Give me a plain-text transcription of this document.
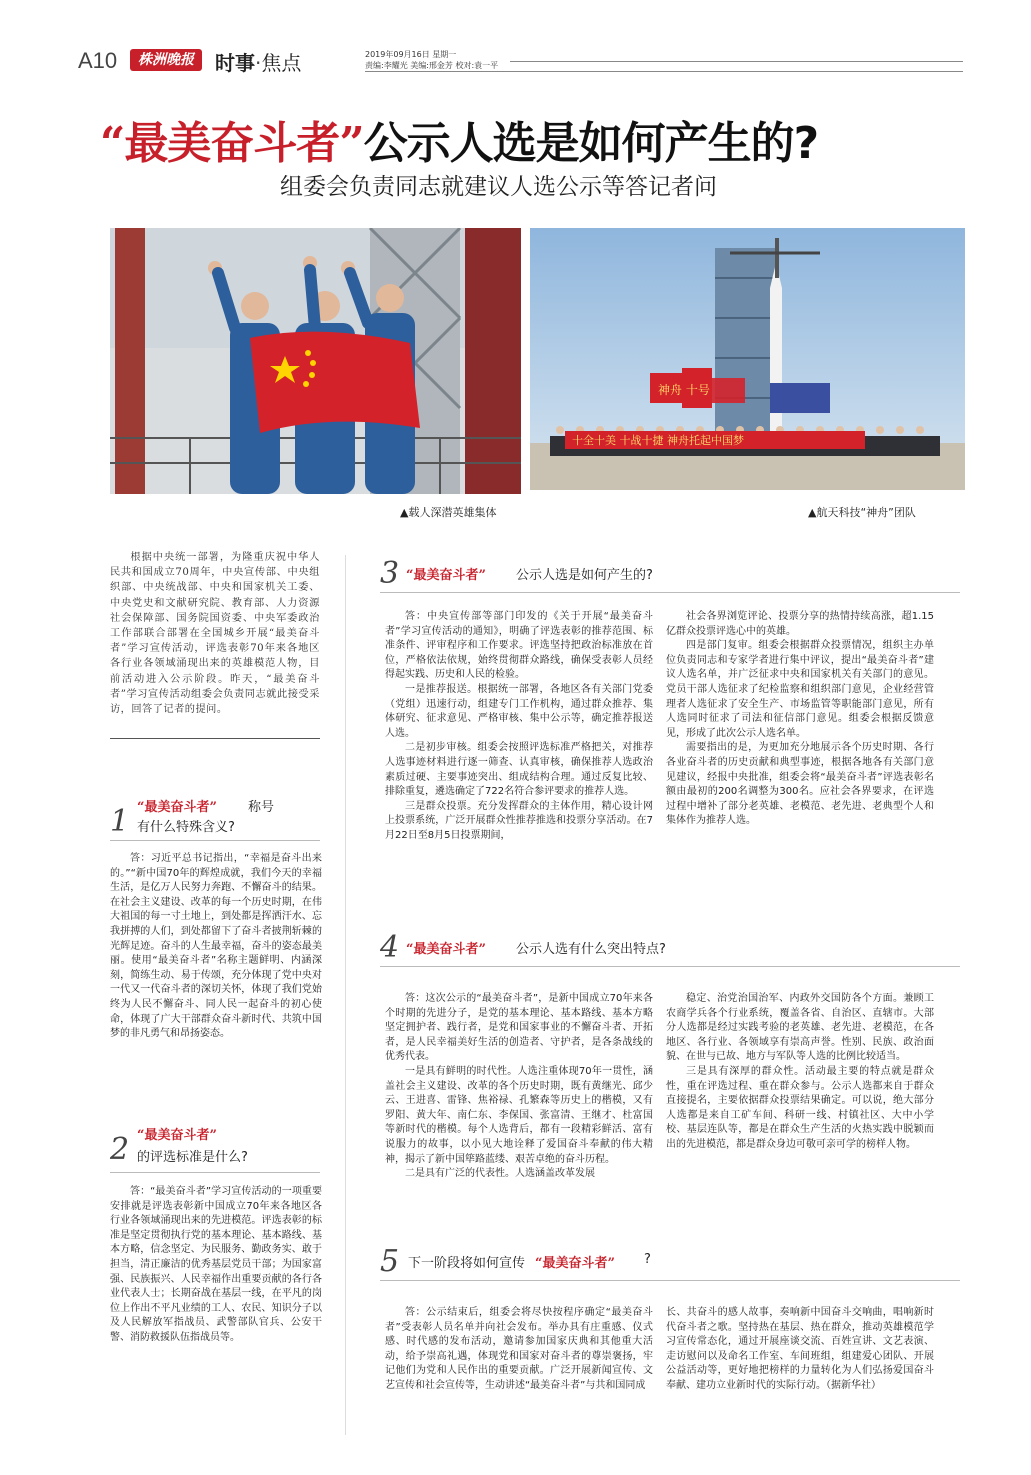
A10	株洲晚报	时事·焦点	2019年09月16日 星期一
责编:李耀光 美编:邢金芳 校对:袁一平
“最美奋斗者”公示人选是如何产生的?
组委会负责同志就建议人选公示等答记者问
神舟 十号
十全十美 十战十捷 神舟托起中国梦
▲载人深潜英雄集体	▲航天科技“神舟”团队
根据中央统一部署，为隆重庆祝中华人民共和国成立70周年，中央宣传部、中央组织部、中央统战部、中央和国家机关工委、中央党史和文献研究院、教育部、人力资源社会保障部、国务院国资委、中央军委政治工作部联合部署在全国城乡开展“最美奋斗者”学习宣传活动，评选表彰70年来各地区各行业各领域涌现出来的英雄模范人物，目前活动进入公示阶段。昨天，“最美奋斗者”学习宣传活动组委会负责同志就此接受采访，回答了记者的提问。
1 “最美奋斗者” 称号
有什么特殊含义?

答：习近平总书记指出，“幸福是奋斗出来的。”“新中国70年的辉煌成就，我们今天的幸福生活，是亿万人民努力奔跑、不懈奋斗的结果。在社会主义建设、改革的每一个历史时期，在伟大祖国的每一寸土地上，到处都是挥洒汗水、忘我拼搏的人们，到处都留下了奋斗者披荆斩棘的光辉足迹。奋斗的人生最幸福，奋斗的姿态最美丽。使用“最美奋斗者”名称主题鲜明、内涵深刻，简练生动、易于传颂，充分体现了党中央对一代又一代奋斗者的深切关怀，体现了我们党始终为人民不懈奋斗、同人民一起奋斗的初心使命，体现了广大干部群众奋斗新时代、共筑中国梦的非凡勇气和昂扬姿态。

2 “最美奋斗者”
的评选标准是什么?

答：“最美奋斗者”学习宣传活动的一项重要安排就是评选表彰新中国成立70年来各地区各行业各领域涌现出来的先进模范。评选表彰的标准是坚定贯彻执行党的基本理论、基本路线、基本方略，信念坚定、为民服务、勤政务实、敢于担当，清正廉洁的优秀基层党员干部；为国家富强、民族振兴、人民幸福作出重要贡献的各行各业代表人士；长期奋战在基层一线，在平凡的岗位上作出不平凡业绩的工人、农民、知识分子以及人民解放军指战员、武警部队官兵、公安干警、消防救援队伍指战员等。

3 “最美奋斗者” 公示人选是如何产生的?

答：中央宣传部等部门印发的《关于开展“最美奋斗者”学习宣传活动的通知》，明确了评选表彰的推荐范围、标准条件、评审程序和工作要求。评选坚持把政治标准放在首位，严格依法依规，始终贯彻群众路线，确保受表彰人员经得起实践、历史和人民的检验。

一是推荐报送。根据统一部署，各地区各有关部门党委（党组）迅速行动，组建专门工作机构，通过群众推荐、集体研究、征求意见、严格审核、集中公示等，确定推荐报送人选。

二是初步审核。组委会按照评选标准严格把关，对推荐人选事迹材料进行逐一筛查、认真审核，确保推荐人选政治素质过硬、主要事迹突出、组成结构合理。通过反复比较、排除重复，遴选确定了722名符合参评要求的推荐人选。

三是群众投票。充分发挥群众的主体作用，精心设计网上投票系统，广泛开展群众性推荐推选和投票分享活动。在7月22日至8月5日投票期间，

社会各界浏览评论、投票分享的热情持续高涨，超1.15亿群众投票评选心中的英雄。

四是部门复审。组委会根据群众投票情况，组织主办单位负责同志和专家学者进行集中评议，提出“最美奋斗者”建议人选名单，并广泛征求中央和国家机关有关部门的意见。党员干部人选征求了纪检监察和组织部门意见，企业经营管理者人选征求了安全生产、市场监管等职能部门意见，所有人选同时征求了司法和征信部门意见。组委会根据反馈意见，形成了此次公示人选名单。

需要指出的是，为更加充分地展示各个历史时期、各行各业奋斗者的历史贡献和典型事迹，根据各地各有关部门意见建议，经报中央批准，组委会将“最美奋斗者”评选表彰名额由最初的200名调整为300名。应社会各界要求，在评选过程中增补了部分老英雄、老模范、老先进、老典型个人和集体作为推荐人选。

4 “最美奋斗者” 公示人选有什么突出特点?

答：这次公示的“最美奋斗者”，是新中国成立70年来各个时期的先进分子，是党的基本理论、基本路线、基本方略坚定拥护者、践行者，是党和国家事业的不懈奋斗者、开拓者，是人民幸福美好生活的创造者、守护者，是各条战线的优秀代表。

一是具有鲜明的时代性。人选注重体现70年一贯性，涵盖社会主义建设、改革的各个历史时期，既有黄继光、邱少云、王进喜、雷锋、焦裕禄、孔繁森等历史上的楷模，又有罗阳、黄大年、南仁东、李保国、张富清、王继才、杜富国等新时代的楷模。每个人选背后，都有一段精彩鲜活、富有说服力的故事，以小见大地诠释了爱国奋斗奉献的伟大精神，揭示了新中国筚路蓝缕、艰苦卓绝的奋斗历程。

二是具有广泛的代表性。人选涵盖改革发展

稳定、治党治国治军、内政外交国防各个方面。兼顾工农商学兵各个行业系统，覆盖各省、自治区、直辖市。大部分人选都是经过实践考验的老英雄、老先进、老模范，在各地区、各行业、各领域享有崇高声誉。性别、民族、政治面貌、在世与已故、地方与军队等人选的比例比较适当。

三是具有深厚的群众性。活动最主要的特点就是群众性，重在评选过程、重在群众参与。公示人选都来自于群众直接提名，主要依据群众投票结果确定。可以说，绝大部分人选都是来自工矿车间、科研一线、村镇社区、大中小学校、基层连队等，都是在群众生产生活的火热实践中脱颖而出的先进模范，都是群众身边可敬可亲可学的榜样人物。

5 下一阶段将如何宣传 “最美奋斗者” ?

答：公示结束后，组委会将尽快按程序确定“最美奋斗者”受表彰人员名单并向社会发布。举办具有庄重感、仪式感、时代感的发布活动，邀请参加国家庆典和其他重大活动，给予崇高礼遇，体现党和国家对奋斗者的尊崇褒扬，牢记他们为党和人民作出的重要贡献。广泛开展新闻宣传、文艺宣传和社会宣传等，生动讲述“最美奋斗者”与共和国同成

长、共奋斗的感人故事，奏响新中国奋斗交响曲，唱响新时代奋斗者之歌。坚持热在基层、热在群众，推动英雄模范学习宣传常态化，通过开展座谈交流、百姓宣讲、文艺表演、走访慰问以及命名工作室、车间班组，组建爱心团队、开展公益活动等，更好地把榜样的力量转化为人们弘扬爱国奋斗奉献、建功立业新时代的实际行动。（据新华社）
